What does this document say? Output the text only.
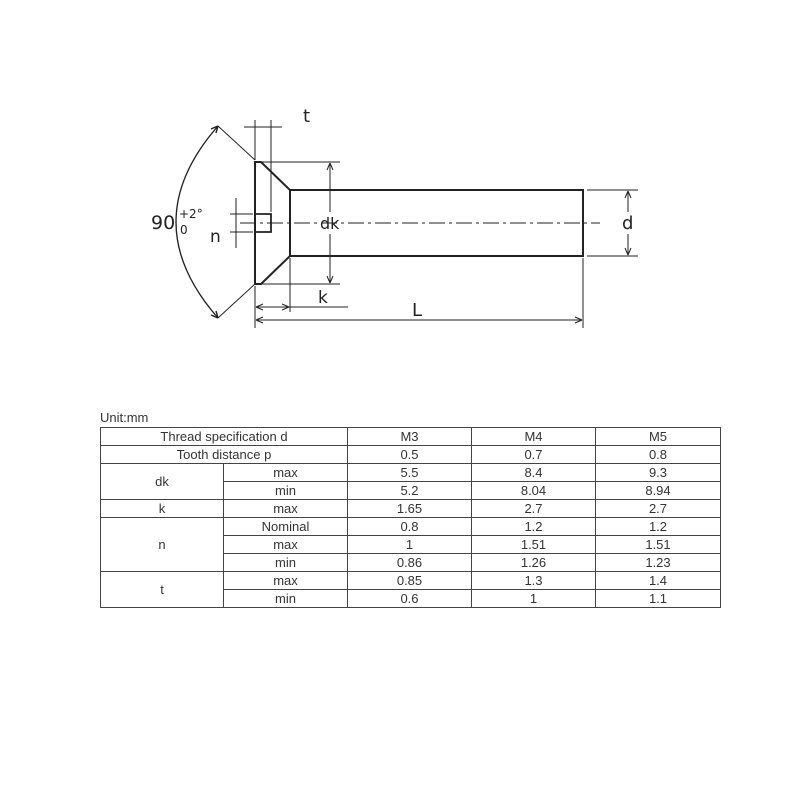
90 +2°
0
t
n
dk	d
k
L
Unit:mm
Thread specification d		M3	M4	M5
Tooth distance p		0.5	0.7	0.8
dk	max	5.5	8.4	9.3
	min	5.2	8.04	8.94
k	max	1.65	2.7	2.7
n	Nominal	0.8	1.2	1.2
	max	1	1.51	1.51
	min	0.86	1.26	1.23
t	max	0.85	1.3	1.4
	min	0.6	1	1.1
